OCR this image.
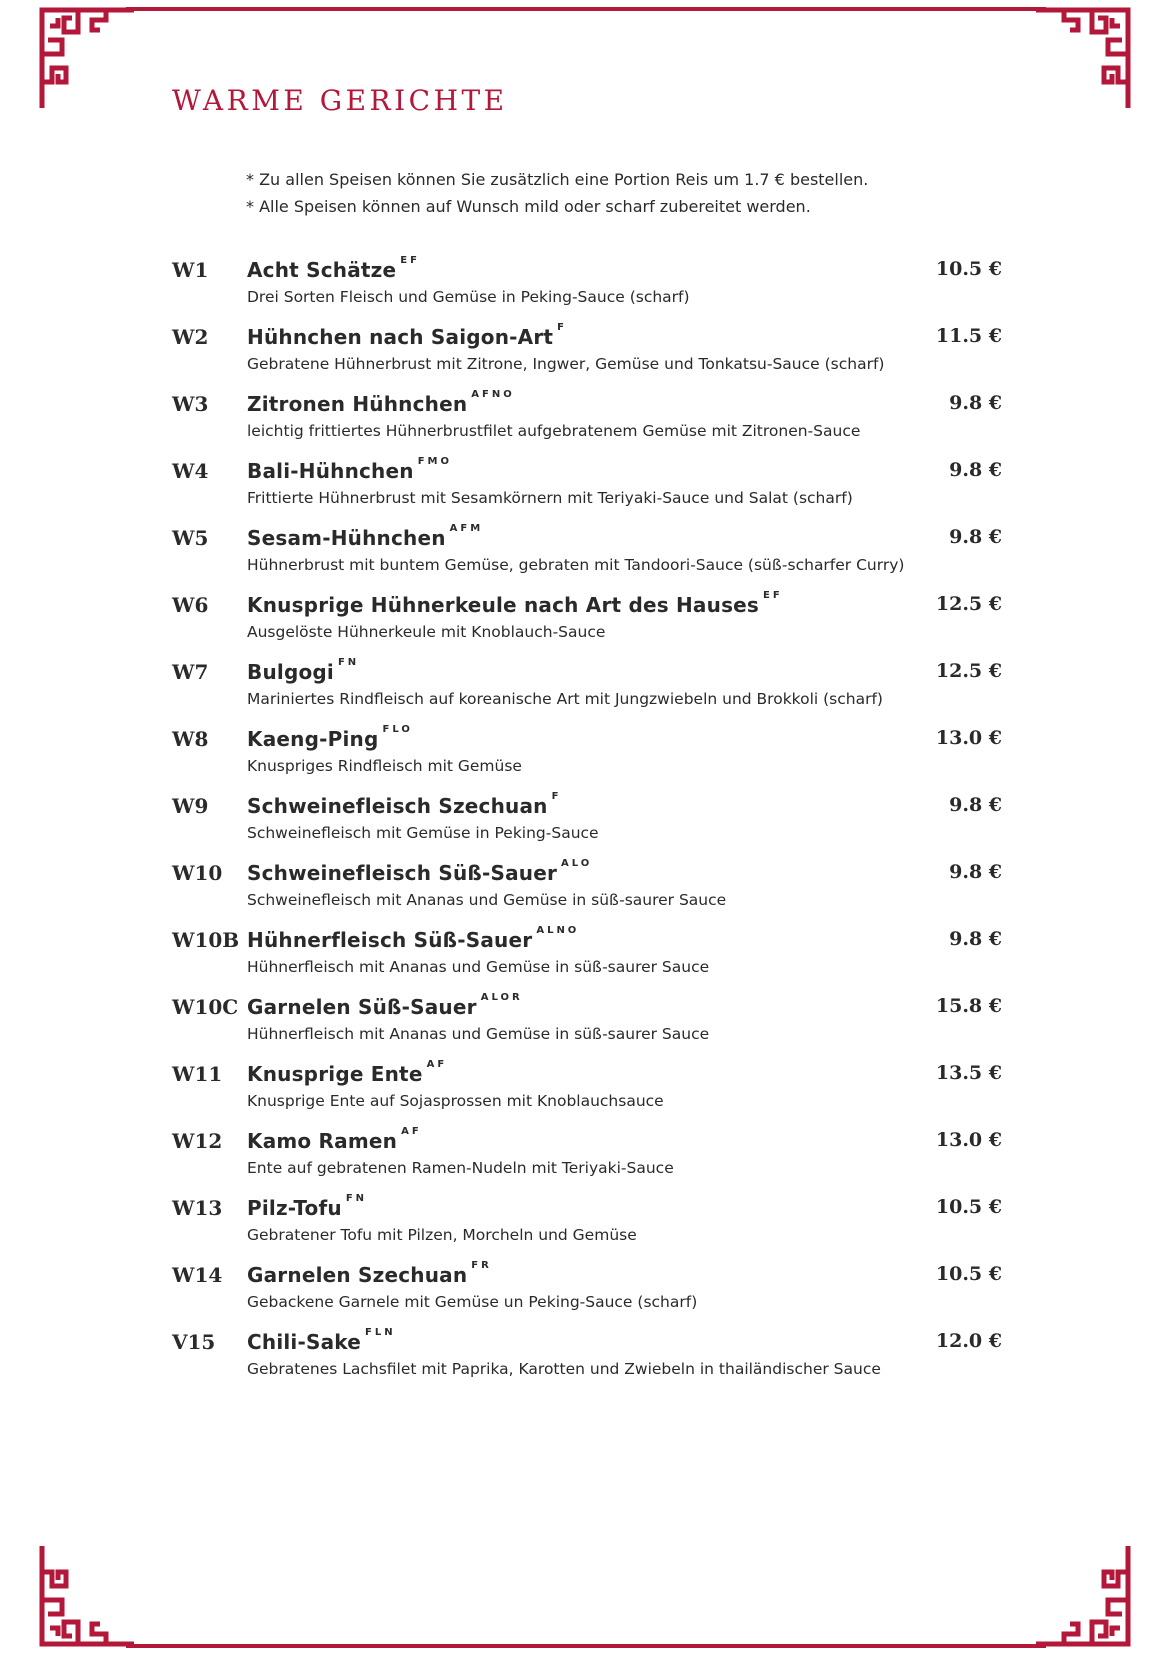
WARME GERICHTE
* Zu allen Speisen können Sie zusätzlich eine Portion Reis um 1.7 € bestellen.
* Alle Speisen können auf Wunsch mild oder scharf zubereitet werden.
W1 Acht Schätze $^{EF}$
Drei Sorten Fleisch und Gemüse in Peking-Sauce (scharf)
10.5 €
W2 Hühnchen nach Saigon-Art $^F$
Gebratene Hühnerbrust mit Zitrone, Ingwer, Gemüse und Tonkatsu-Sauce (scharf)
11.5 €
W3 Zitronen Hühnchen $^{AFNO}$
leichtig frittiertes Hühnerbrustfilet aufgebratenem Gemüse mit Zitronen-Sauce
9.8 €
W4 Bali-Hühnchen $^{FMO}$
Frittierte Hühnerbrust mit Sesamkörnern mit Teriyaki-Sauce und Salat (scharf)
9.8 €
W5 Sesam-Hühnchen $^{AFM}$
Hühnerbrust mit buntem Gemüse, gebraten mit Tandoori-Sauce (süß-scharfer Curry)
9.8 €
W6 Knusprige Hühnerkeule nach Art des Hauses $^{EF}$
Ausgelöste Hühnerkeule mit Knoblauch-Sauce
12.5 €
W7 Bulgogi $^{FN}$
Mariniertes Rindfleisch auf koreanische Art mit Jungzwiebeln und Brokkoli (scharf)
12.5 €
W8 Kaeng-Ping $^{FLO}$
Knuspriges Rindfleisch mit Gemüse
13.0 €
W9 Schweinefleisch Szechuan $^F$
Schweinefleisch mit Gemüse in Peking-Sauce
9.8 €
W10 Schweinefleisch Süß-Sauer $^{ALO}$
Schweinefleisch mit Ananas und Gemüse in süß-saurer Sauce
9.8 €
W10B Hühnerfleisch Süß-Sauer $^{ALNO}$
Hühnerfleisch mit Ananas und Gemüse in süß-saurer Sauce
9.8 €
W10C Garnelen Süß-Sauer $^{ALOR}$
Hühnerfleisch mit Ananas und Gemüse in süß-saurer Sauce
15.8 €
W11 Knusprige Ente $^{AF}$
Knusprige Ente auf Sojasprossen mit Knoblauchsauce
13.5 €
W12 Kamo Ramen $^{AF}$
Ente auf gebratenen Ramen-Nudeln mit Teriyaki-Sauce
13.0 €
W13 Pilz-Tofu $^{FN}$
Gebratener Tofu mit Pilzen, Morcheln und Gemüse
10.5 €
W14 Garnelen Szechuan $^{FR}$
Gebackene Garnele mit Gemüse un Peking-Sauce (scharf)
10.5 €
V15 Chili-Sake $^{FLN}$
Gebratenes Lachsfilet mit Paprika, Karotten und Zwiebeln in thailändischer Sauce
12.0 €
